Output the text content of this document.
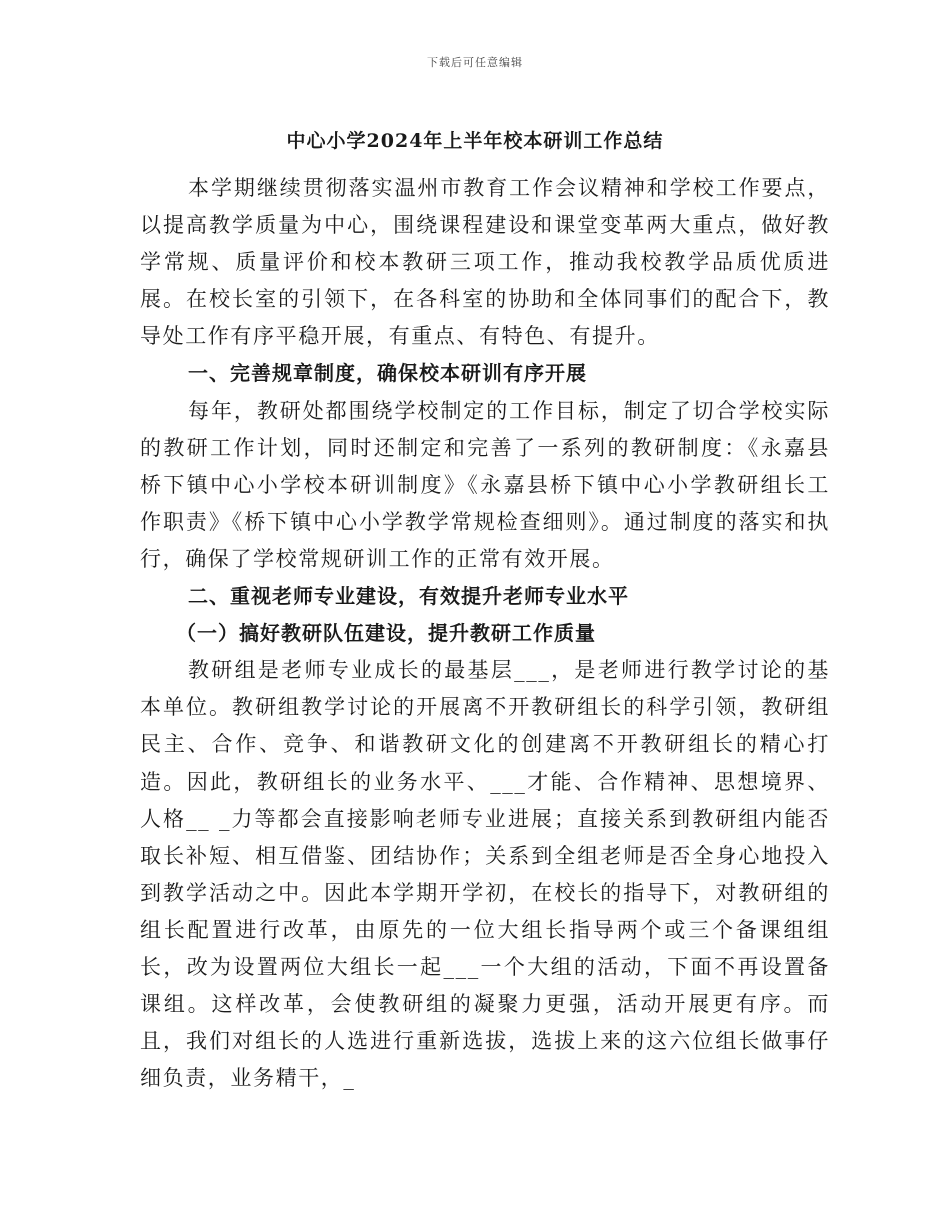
下载后可任意编辑
中心小学2024年上半年校本研训工作总结

本学期继续贯彻落实温州市教育工作会议精神和学校工作要点，以提高教学质量为中心，围绕课程建设和课堂变革两大重点，做好教学常规、质量评价和校本教研三项工作，推动我校教学品质优质进展。在校长室的引领下，在各科室的协助和全体同事们的配合下，教导处工作有序平稳开展，有重点、有特色、有提升。

一、完善规章制度，确保校本研训有序开展

每年，教研处都围绕学校制定的工作目标，制定了切合学校实际的教研工作计划，同时还制定和完善了一系列的教研制度：《永嘉县桥下镇中心小学校本研训制度》《永嘉县桥下镇中心小学教研组长工作职责》《桥下镇中心小学教学常规检查细则》。通过制度的落实和执行，确保了学校常规研训工作的正常有效开展。

二、重视老师专业建设，有效提升老师专业水平

（一）搞好教研队伍建设，提升教研工作质量

教研组是老师专业成长的最基层___，是老师进行教学讨论的基本单位。教研组教学讨论的开展离不开教研组长的科学引领，教研组民主、合作、竞争、和谐教研文化的创建离不开教研组长的精心打造。因此，教研组长的业务水平、___才能、合作精神、思想境界、人格__ _力等都会直接影响老师专业进展；直接关系到教研组内能否取长补短、相互借鉴、团结协作；关系到全组老师是否全身心地投入到教学活动之中。因此本学期开学初，在校长的指导下，对教研组的组长配置进行改革，由原先的一位大组长指导两个或三个备课组组长，改为设置两位大组长一起___一个大组的活动，下面不再设置备课组。这样改革，会使教研组的凝聚力更强，活动开展更有序。而且，我们对组长的人选进行重新选拔，选拔上来的这六位组长做事仔细负责，业务精干，_
